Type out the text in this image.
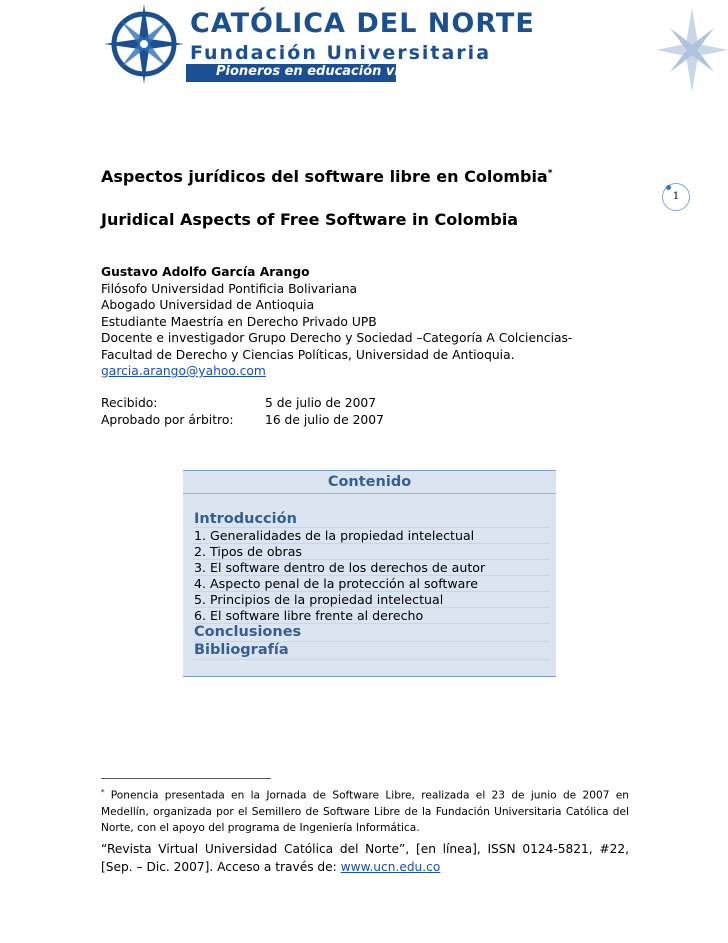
CATÓLICA DEL NORTE
Fundación Universitaria
Pioneros en educación virtual
1
Aspectos jurídicos del software libre en Colombia*
Juridical Aspects of Free Software in Colombia
Gustavo Adolfo García Arango
Filósofo Universidad Pontificia Bolivariana
Abogado Universidad de Antioquia
Estudiante Maestría en Derecho Privado UPB
Docente e investigador Grupo Derecho y Sociedad –Categoría A Colciencias-
Facultad de Derecho y Ciencias Políticas, Universidad de Antioquia.
garcia.arango@yahoo.com
Recibido:	5 de julio de 2007
Aprobado por árbitro:	16 de julio de 2007
Contenido
Introducción
1. Generalidades de la propiedad intelectual
2. Tipos de obras
3. El software dentro de los derechos de autor
4. Aspecto penal de la protección al software
5. Principios de la propiedad intelectual
6. El software libre frente al derecho
Conclusiones
Bibliografía
* Ponencia presentada en la Jornada de Software Libre, realizada el 23 de junio de 2007 en Medellín, organizada por el Semillero de Software Libre de la Fundación Universitaria Católica del Norte, con el apoyo del programa de Ingeniería Informática.
“Revista Virtual Universidad Católica del Norte”, [en línea], ISSN 0124-5821, #22, [Sep. – Dic. 2007]. Acceso a través de: www.ucn.edu.co
